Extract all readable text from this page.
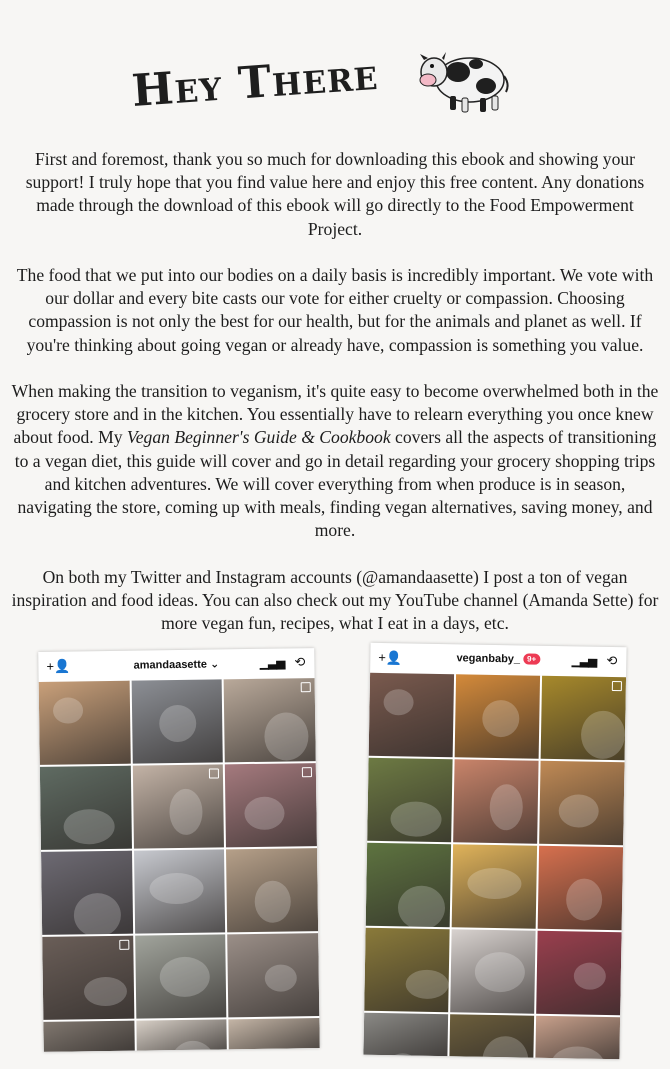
Hey There

First and foremost, thank you so much for downloading this ebook and showing your support! I truly hope that you find value here and enjoy this free content. Any donations made through the download of this ebook will go directly to the Food Empowerment Project.

The food that we put into our bodies on a daily basis is incredibly important. We vote with our dollar and every bite casts our vote for either cruelty or compassion. Choosing compassion is not only the best for our health, but for the animals and planet as well. If you're thinking about going vegan or already have, compassion is something you value.

When making the transition to veganism, it's quite easy to become overwhelmed both in the grocery store and in the kitchen. You essentially have to relearn everything you once knew about food. My Vegan Beginner's Guide & Cookbook covers all the aspects of transitioning to a vegan diet, this guide will cover and go in detail regarding your grocery shopping trips and kitchen adventures. We will cover everything from when produce is in season, navigating the store, coming up with meals, finding vegan alternatives, saving money, and more.

On both my Twitter and Instagram accounts (@amandaasette) I post a ton of vegan inspiration and food ideas. You can also check out my YouTube channel (Amanda Sette) for more vegan fun, recipes, what I eat in a days, etc.

+👤	amandaasette ⌄	▁▃▅ ⟲	+👤	veganbaby_ 9+	▁▃▅ ⟲
